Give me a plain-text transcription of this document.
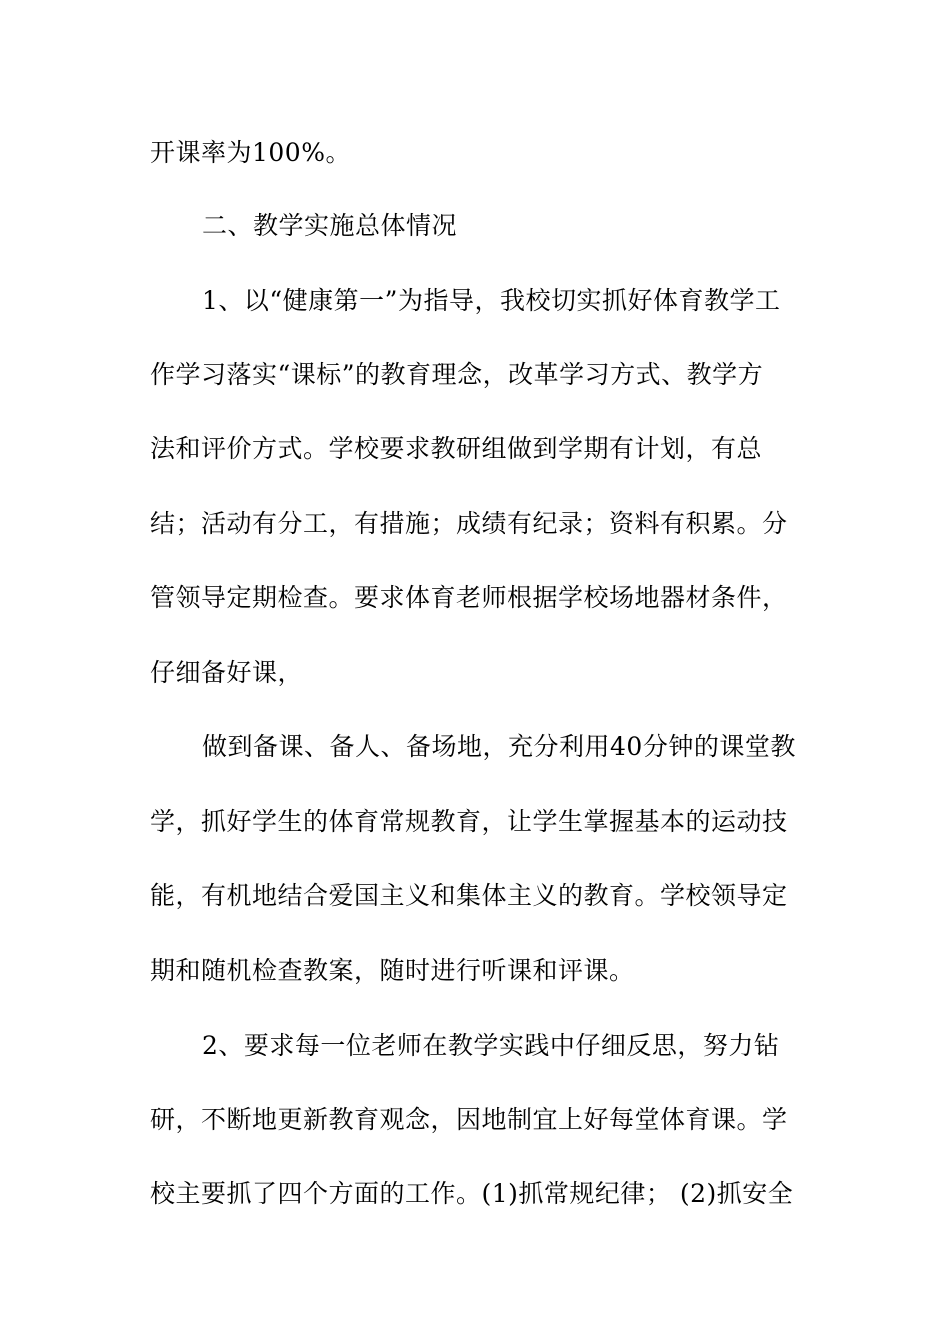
开课率为100%。
二、教学实施总体情况
1、以“健康第一”为指导，我校切实抓好体育教学工
作学习落实“课标”的教育理念，改革学习方式、教学方
法和评价方式。学校要求教研组做到学期有计划，有总
结；活动有分工，有措施；成绩有纪录；资料有积累。分
管领导定期检查。要求体育老师根据学校场地器材条件，
仔细备好课，
做到备课、备人、备场地，充分利用40分钟的课堂教
学，抓好学生的体育常规教育，让学生掌握基本的运动技
能，有机地结合爱国主义和集体主义的教育。学校领导定
期和随机检查教案，随时进行听课和评课。
2、要求每一位老师在教学实践中仔细反思，努力钻
研，不断地更新教育观念，因地制宜上好每堂体育课。学
校主要抓了四个方面的工作。(1)抓常规纪律； (2)抓安全
